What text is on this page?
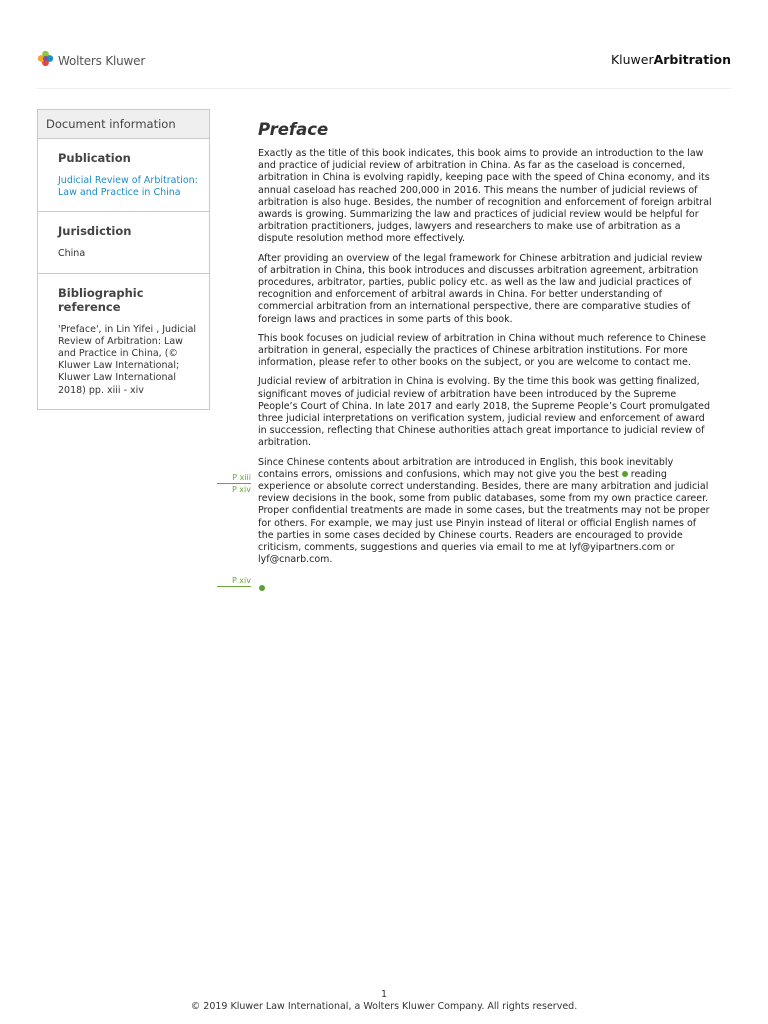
Wolters Kluwer	KluwerArbitration
Document information
Publication
Judicial Review of Arbitration: Law and Practice in China
Jurisdiction
China
Bibliographic reference
'Preface', in Lin Yifei , Judicial Review of Arbitration: Law and Practice in China, (© Kluwer Law International; Kluwer Law International 2018) pp. xiii - xiv
Preface

Exactly as the title of this book indicates, this book aims to provide an introduction to the law and practice of judicial review of arbitration in China. As far as the caseload is concerned, arbitration in China is evolving rapidly, keeping pace with the speed of China economy, and its annual caseload has reached 200,000 in 2016. This means the number of judicial reviews of arbitration is also huge. Besides, the number of recognition and enforcement of foreign arbitral awards is growing. Summarizing the law and practices of judicial review would be helpful for arbitration practitioners, judges, lawyers and researchers to make use of arbitration as a dispute resolution method more effectively.

After providing an overview of the legal framework for Chinese arbitration and judicial review of arbitration in China, this book introduces and discusses arbitration agreement, arbitration procedures, arbitrator, parties, public policy etc. as well as the law and judicial practices of recognition and enforcement of arbitral awards in China. For better understanding of commercial arbitration from an international perspective, there are comparative studies of foreign laws and practices in some parts of this book.

This book focuses on judicial review of arbitration in China without much reference to Chinese arbitration in general, especially the practices of Chinese arbitration institutions. For more information, please refer to other books on the subject, or you are welcome to contact me.

Judicial review of arbitration in China is evolving. By the time this book was getting finalized, significant moves of judicial review of arbitration have been introduced by the Supreme People’s Court of China. In late 2017 and early 2018, the Supreme People’s Court promulgated three judicial interpretations on verification system, judicial review and enforcement of award in succession, reflecting that Chinese authorities attach great importance to judicial review of arbitration.

Since Chinese contents about arbitration are introduced in English, this book inevitably contains errors, omissions and confusions, which may not give you the best reading experience or absolute correct understanding. Besides, there are many arbitration and judicial review decisions in the book, some from public databases, some from my own practice career. Proper confidential treatments are made in some cases, but the treatments may not be proper for others. For example, we may just use Pinyin instead of literal or official English names of the parties in some cases decided by Chinese courts. Readers are encouraged to provide criticism, comments, suggestions and queries via email to me at lyf@yipartners.com or lyf@cnarb.com.

P xiii
P xiv
P xiv
1
© 2019 Kluwer Law International, a Wolters Kluwer Company. All rights reserved.
